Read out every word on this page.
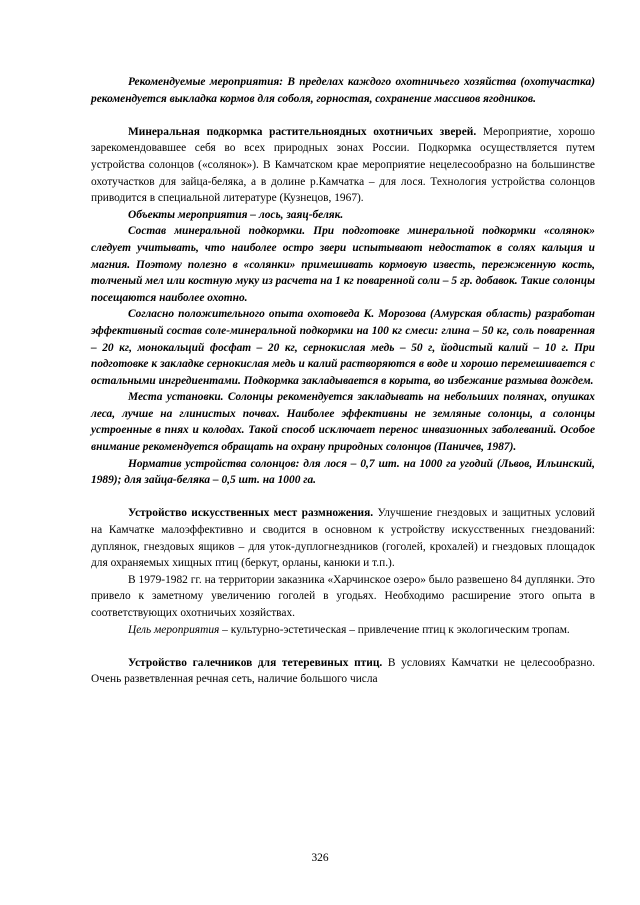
Рекомендуемые мероприятия: В пределах каждого охотничьего хозяйства (охотучастка) рекомендуется выкладка кормов для соболя, горностая, сохранение массивов ягодников.

Минеральная подкормка растительноядных охотничьих зверей. Мероприятие, хорошо зарекомендовавшее себя во всех природных зонах России. Подкормка осуществляется путем устройства солонцов («солянок»). В Камчатском крае мероприятие нецелесообразно на большинстве охотучастков для зайца-беляка, а в долине р.Камчатка – для лося. Технология устройства солонцов приводится в специальной литературе (Кузнецов, 1967).

Объекты мероприятия – лось, заяц-беляк.

Состав минеральной подкормки. При подготовке минеральной подкормки «солянок» следует учитывать, что наиболее остро звери испытывают недостаток в солях кальция и магния. Поэтому полезно в «солянки» примешивать кормовую известь, пережженную кость, толченый мел или костную муку из расчета на 1 кг поваренной соли – 5 гр. добавок. Такие солонцы посещаются наиболее охотно.

Согласно положительного опыта охотоведа К. Морозова (Амурская область) разработан эффективный состав соле-минеральной подкормки на 100 кг смеси: глина – 50 кг, соль поваренная – 20 кг, монокальций фосфат – 20 кг, сернокислая медь – 50 г, йодистый калий – 10 г. При подготовке к закладке сернокислая медь и калий растворяются в воде и хорошо перемешивается с остальными ингредиентами. Подкормка закладывается в корыта, во избежание размыва дождем.

Места установки. Солонцы рекомендуется закладывать на небольших полянах, опушках леса, лучше на глинистых почвах. Наиболее эффективны не земляные солонцы, а солонцы устроенные в пнях и колодах. Такой способ исключает перенос инвазионных заболеваний. Особое внимание рекомендуется обращать на охрану природных солонцов (Паничев, 1987).

Норматив устройства солонцов: для лося – 0,7 шт. на 1000 га угодий (Львов, Ильинский, 1989); для зайца-беляка – 0,5 шт. на 1000 га.

Устройство искусственных мест размножения. Улучшение гнездовых и защитных условий на Камчатке малоэффективно и сводится в основном к устройству искусственных гнездований: дуплянок, гнездовых ящиков – для уток-дуплогнездников (гоголей, крохалей) и гнездовых площадок для охраняемых хищных птиц (беркут, орланы, канюки и т.п.).

В 1979-1982 гг. на территории заказника «Харчинское озеро» было развешено 84 дуплянки. Это привело к заметному увеличению гоголей в угодьях. Необходимо расширение этого опыта в соответствующих охотничьих хозяйствах.

Цель мероприятия – культурно-эстетическая – привлечение птиц к экологическим тропам.

Устройство галечников для тетеревиных птиц. В условиях Камчатки не целесообразно. Очень разветвленная речная сеть, наличие большого числа

326
